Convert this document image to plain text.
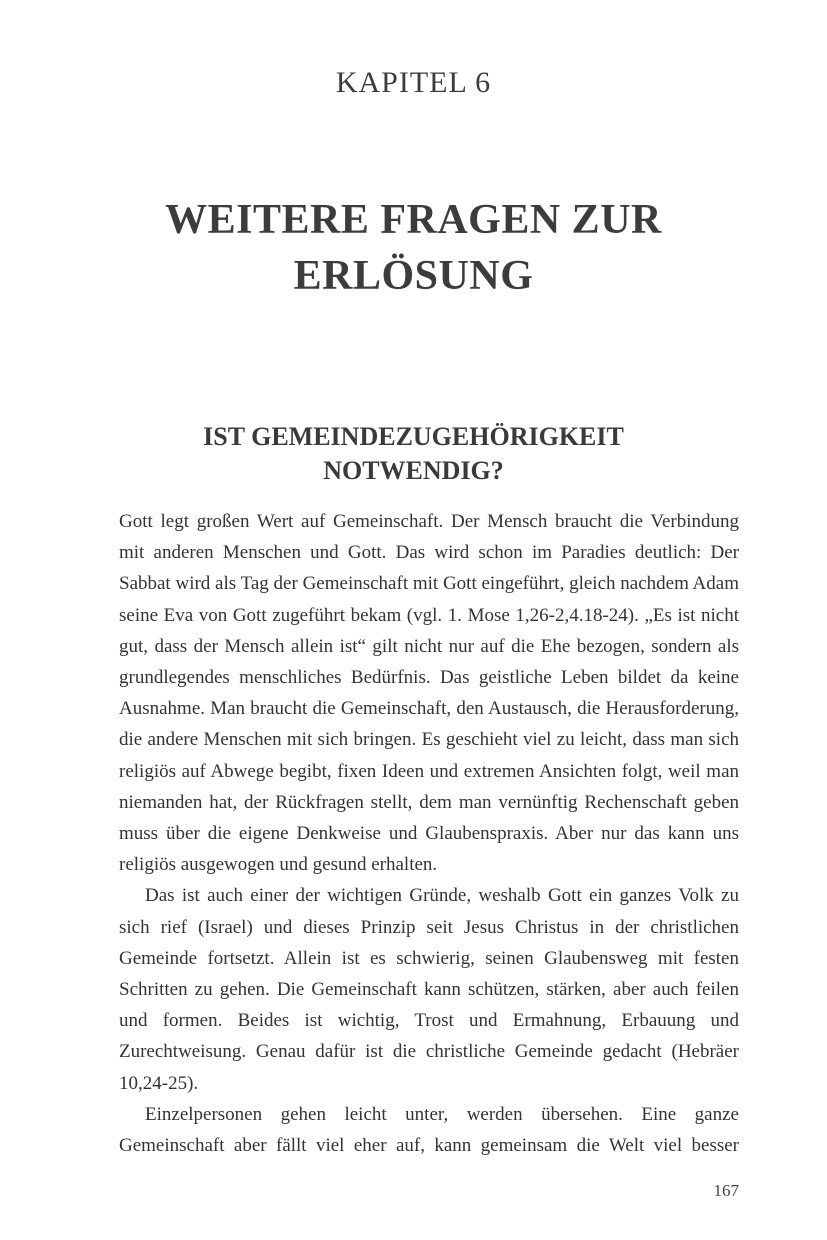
KAPITEL 6
WEITERE FRAGEN ZUR
ERLÖSUNG
IST GEMEINDEZUGEHÖRIGKEIT
NOTWENDIG?

Gott legt großen Wert auf Gemeinschaft. Der Mensch braucht die Verbindung mit anderen Menschen und Gott. Das wird schon im Paradies deutlich: Der Sabbat wird als Tag der Gemeinschaft mit Gott eingeführt, gleich nachdem Adam seine Eva von Gott zugeführt bekam (vgl. 1. Mose 1,26-2,4.18-24). „Es ist nicht gut, dass der Mensch allein ist“ gilt nicht nur auf die Ehe bezogen, sondern als grundlegendes menschliches Bedürfnis. Das geistliche Leben bildet da keine Ausnahme. Man braucht die Gemeinschaft, den Austausch, die Herausforderung, die andere Menschen mit sich bringen. Es geschieht viel zu leicht, dass man sich religiös auf Abwege begibt, fixen Ideen und extremen Ansichten folgt, weil man niemanden hat, der Rückfragen stellt, dem man vernünftig Rechenschaft geben muss über die eigene Denkweise und Glaubenspraxis. Aber nur das kann uns religiös ausgewogen und gesund erhalten.

Das ist auch einer der wichtigen Gründe, weshalb Gott ein ganzes Volk zu sich rief (Israel) und dieses Prinzip seit Jesus Christus in der christlichen Gemeinde fortsetzt. Allein ist es schwierig, seinen Glaubensweg mit festen Schritten zu gehen. Die Gemeinschaft kann schützen, stärken, aber auch feilen und formen. Beides ist wichtig, Trost und Ermahnung, Erbauung und Zurechtweisung. Genau dafür ist die christliche Gemeinde gedacht (Hebräer 10,24-25).

Einzelpersonen gehen leicht unter, werden übersehen. Eine ganze Gemeinschaft aber fällt viel eher auf, kann gemeinsam die Welt viel besser

167
